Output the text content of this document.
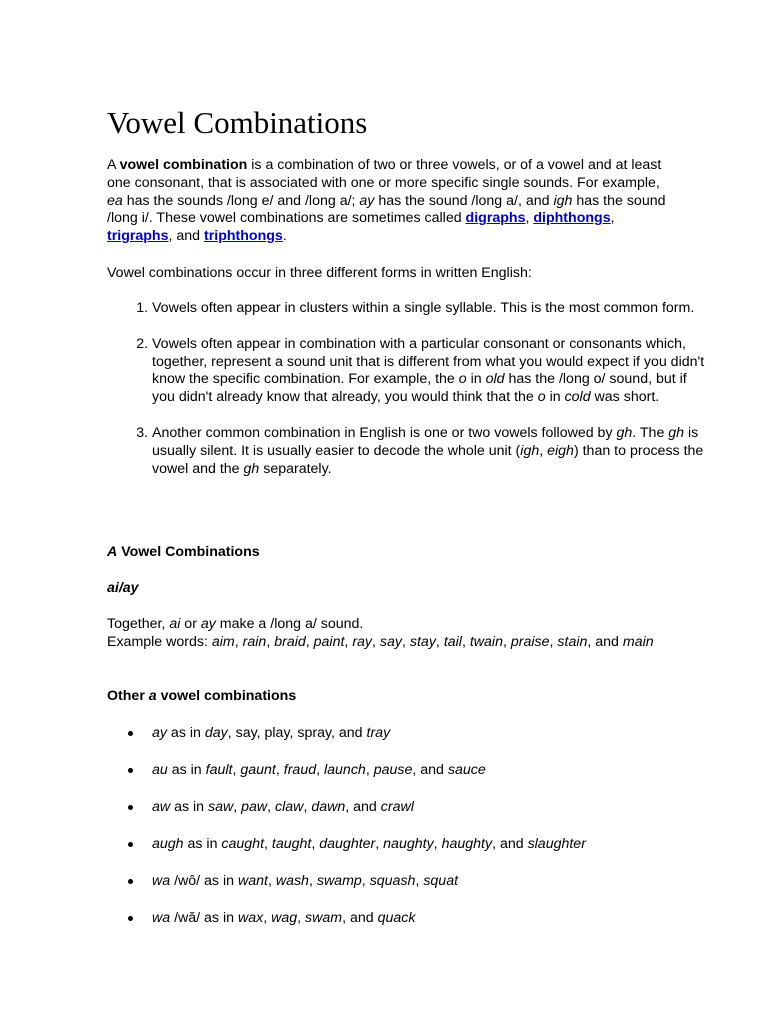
Vowel Combinations

A vowel combination is a combination of two or three vowels, or of a vowel and at least one consonant, that is associated with one or more specific single sounds. For example, ea has the sounds /long e/ and /long a/; ay has the sound /long a/, and igh has the sound /long i/. These vowel combinations are sometimes called digraphs, diphthongs, trigraphs, and triphthongs.

Vowel combinations occur in three different forms in written English:

1. Vowels often appear in clusters within a single syllable. This is the most common form.
2. Vowels often appear in combination with a particular consonant or consonants which, together, represent a sound unit that is different from what you would expect if you didn't know the specific combination. For example, the o in old has the /long o/ sound, but if you didn't already know that already, you would think that the o in cold was short.
3. Another common combination in English is one or two vowels followed by gh. The gh is usually silent. It is usually easier to decode the whole unit (igh, eigh) than to process the vowel and the gh separately.

A Vowel Combinations

ai/ay

Together, ai or ay make a /long a/ sound.
Example words: aim, rain, braid, paint, ray, say, stay, tail, twain, praise, stain, and main

Other a vowel combinations

ay as in day, say, play, spray, and tray
au as in fault, gaunt, fraud, launch, pause, and sauce
aw as in saw, paw, claw, dawn, and crawl
augh as in caught, taught, daughter, naughty, haughty, and slaughter
wa /wô/ as in want, wash, swamp, squash, squat
wa /wă/ as in wax, wag, swam, and quack
